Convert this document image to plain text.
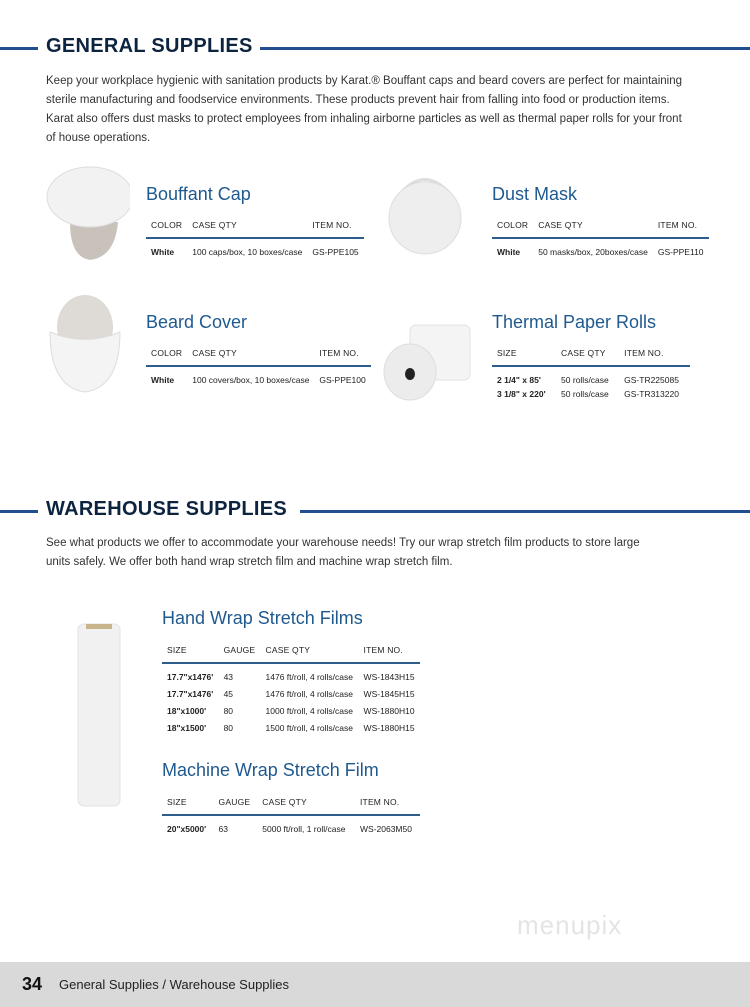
GENERAL SUPPLIES
Keep your workplace hygienic with sanitation products by Karat.® Bouffant caps and beard covers are perfect for maintaining
sterile manufacturing and foodservice environments. These products prevent hair from falling into food or production items.
Karat also offers dust masks to protect employees from inhaling airborne particles as well as thermal paper rolls for your front
of house operations.
Bouffant Cap
COLOR	CASE QTY	ITEM NO.
White	100 caps/box, 10 boxes/case	GS-PPE105
Dust Mask
COLOR	CASE QTY	ITEM NO.
White	50 masks/box, 20boxes/case	GS-PPE110
Beard Cover
COLOR	CASE QTY	ITEM NO.
White	100 covers/box, 10 boxes/case	GS-PPE100
Thermal Paper Rolls
SIZE	CASE QTY	ITEM NO.
2 1/4" x 85'	50 rolls/case	GS-TR225085
3 1/8" x 220'	50 rolls/case	GS-TR313220
WAREHOUSE SUPPLIES
See what products we offer to accommodate your warehouse needs! Try our wrap stretch film products to store large
units safely. We offer both hand wrap stretch film and machine wrap stretch film.
Hand Wrap Stretch Films
SIZE	GAUGE	CASE QTY	ITEM NO.
17.7"x1476'	43	1476 ft/roll, 4 rolls/case	WS-1843H15
17.7"x1476'	45	1476 ft/roll, 4 rolls/case	WS-1845H15
18"x1000'	80	1000 ft/roll, 4 rolls/case	WS-1880H10
18"x1500'	80	1500 ft/roll, 4 rolls/case	WS-1880H15
Machine Wrap Stretch Film
SIZE	GAUGE	CASE QTY	ITEM NO.
20"x5000'	63	5000 ft/roll, 1 roll/case	WS-2063M50
menupix
34 General Supplies / Warehouse Supplies
